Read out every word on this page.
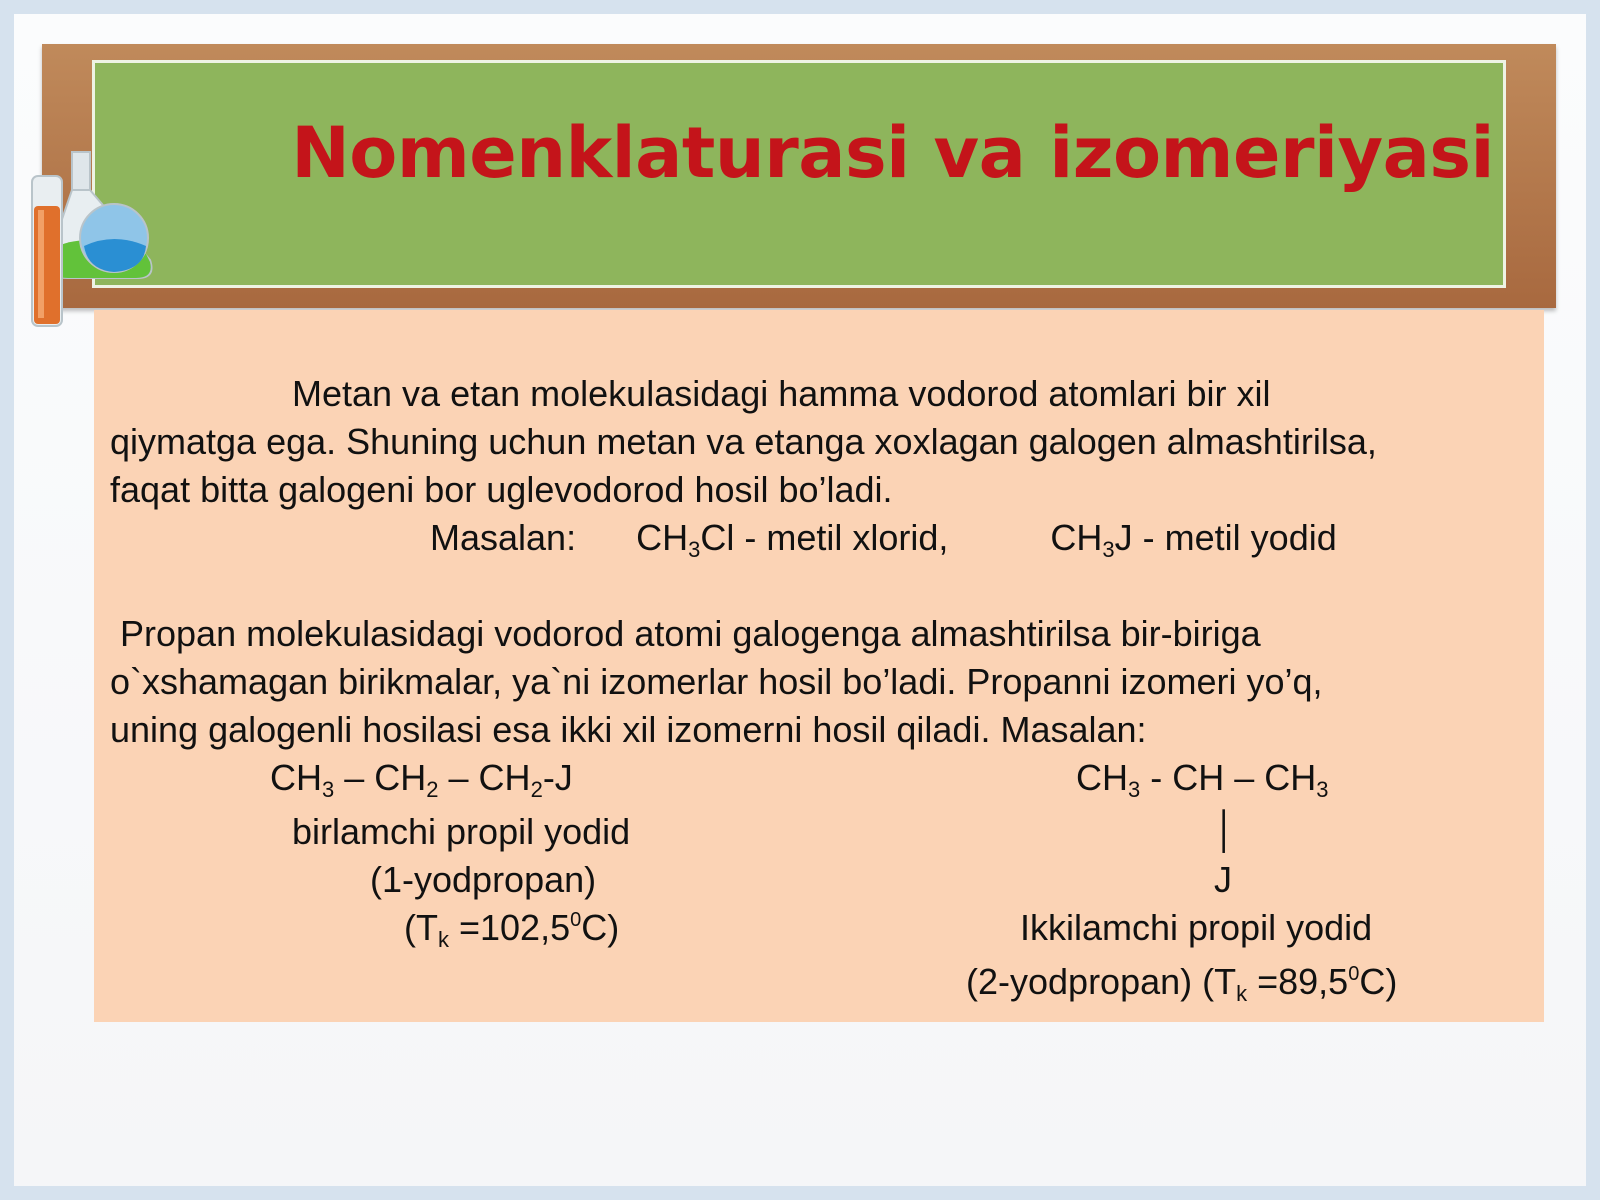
Nomenklaturasi va izomeriyasi

Metan va etan molekulasidagi hamma vodorod atomlari bir xil

qiymatga ega. Shuning uchun metan va etanga xoxlagan galogen almashtirilsa,

faqat bitta galogeni bor uglevodorod hosil bo’ladi.

Masalan: $CH_3Cl$ - metil xlorid,	$CH_3J$ - metil yodid

Propan molekulasidagi vodorod atomi galogenga almashtirilsa bir-biriga

o`xshamagan birikmalar, ya`ni izomerlar hosil bo’ladi. Propanni izomeri yo’q,

uning galogenli hosilasi esa ikki xil izomerni hosil qiladi. Masalan:

$CH_3 - CH_2 - CH_2-J$

birlamchi propil yodid

(1-yodpropan)

$(T_k =102,5^0C)$

$CH_3$ - CH – $CH_3$

│

J

Ikkilamchi propil yodid

(2-yodpropan) $(T_k =89,5^0C)$
